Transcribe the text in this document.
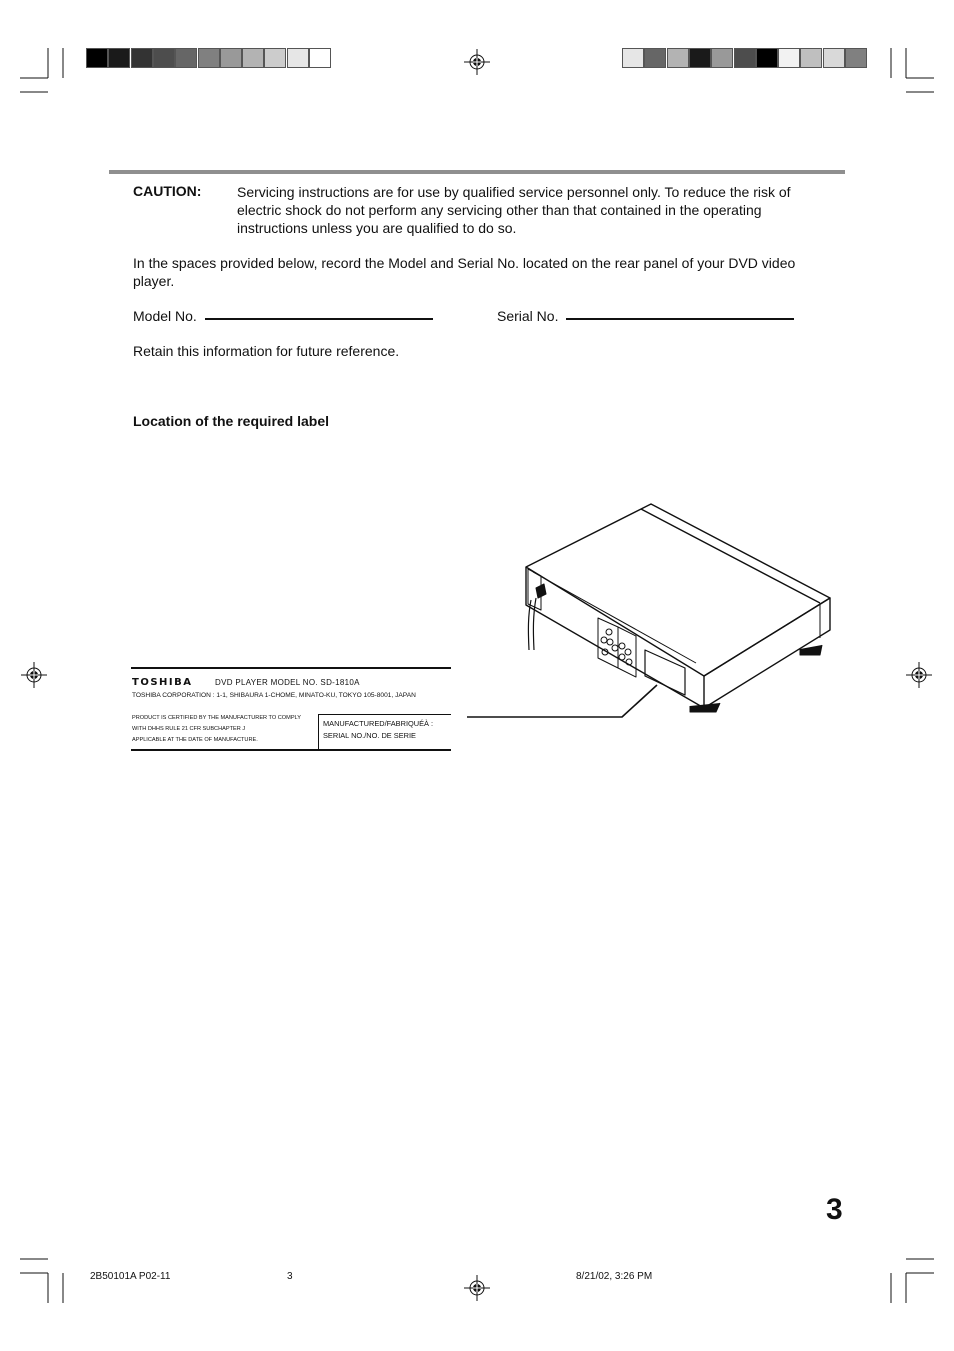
CAUTION:	Servicing instructions are for use by qualified service personnel only. To reduce the risk of electric shock do not perform any servicing other than that contained in the operating instructions unless you are qualified to do so.
In the spaces provided below, record the Model and Serial No. located on the rear panel of your DVD video player.
Model No.	Serial No.
Retain this information for future reference.
Location of the required label
TOSHIBA	DVD PLAYER MODEL NO. SD-1810A
TOSHIBA CORPORATION : 1-1, SHIBAURA 1-CHOME, MINATO-KU, TOKYO 105-8001, JAPAN
PRODUCT IS CERTIFIED BY THE MANUFACTURER TO COMPLY
WITH DHHS RULE 21 CFR SUBCHAPTER J
APPLICABLE AT THE DATE OF MANUFACTURE.
MANUFACTURED/FABRIQUÉÀ :
SERIAL NO./NO. DE SERIE
3
2B50101A P02-11	3	8/21/02, 3:26 PM
